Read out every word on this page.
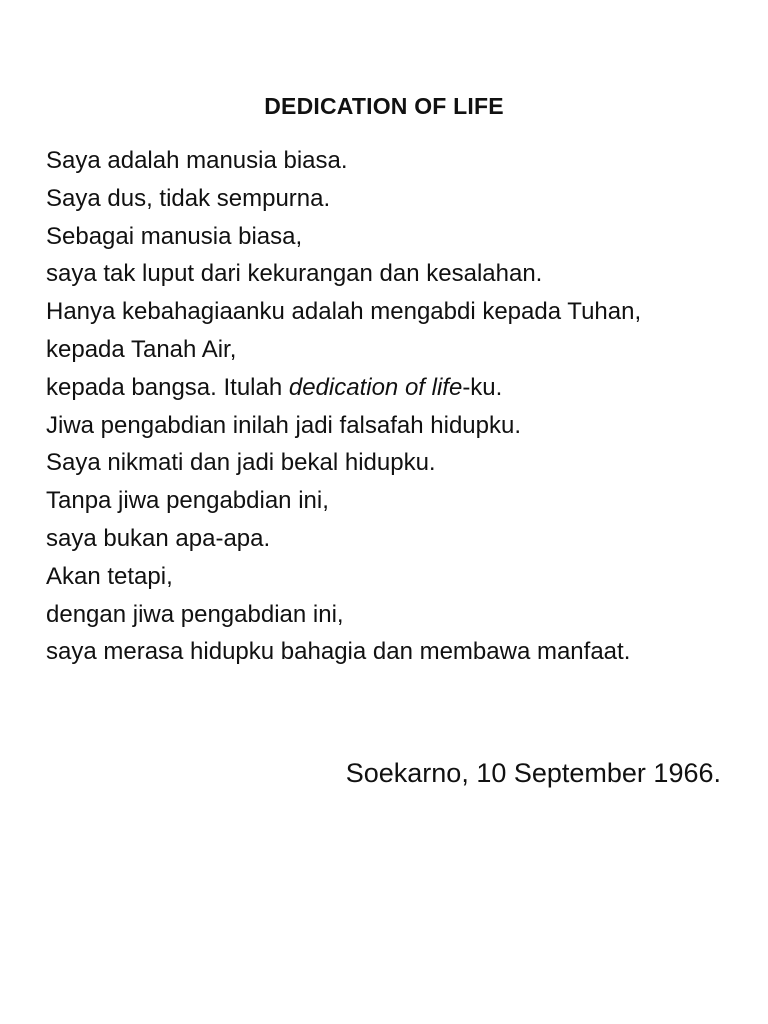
DEDICATION OF LIFE
Saya adalah manusia biasa.
Saya dus, tidak sempurna.
Sebagai manusia biasa,
saya tak luput dari kekurangan dan kesalahan.
Hanya kebahagiaanku adalah mengabdi kepada Tuhan,
kepada Tanah Air,
kepada bangsa. Itulah dedication of life-ku.
Jiwa pengabdian inilah jadi falsafah hidupku.
Saya nikmati dan jadi bekal hidupku.
Tanpa jiwa pengabdian ini,
saya bukan apa-apa.
Akan tetapi,
dengan jiwa pengabdian ini,
saya merasa hidupku bahagia dan membawa manfaat.

Soekarno, 10 September 1966.
